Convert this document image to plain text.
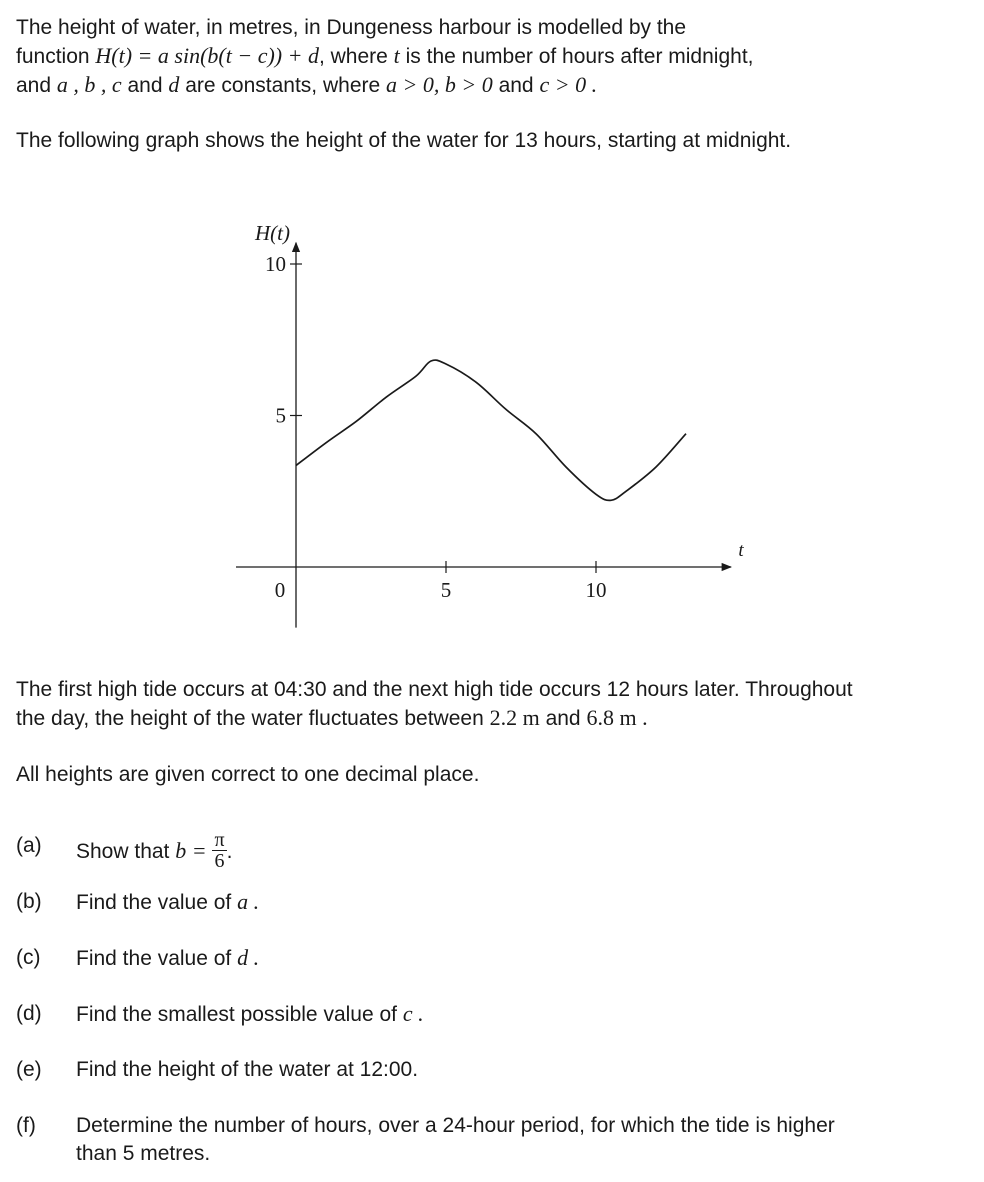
The height of water, in metres, in Dungeness harbour is modelled by the
function H(t) = a sin(b(t − c)) + d, where t is the number of hours after midnight,
and a , b , c and d are constants, where a > 0, b > 0 and c > 0 .
The following graph shows the height of the water for 13 hours, starting at midnight.
5	10
5
10
H(t)
t
0
The first high tide occurs at 04:30 and the next high tide occurs 12 hours later. Throughout
the day, the height of the water fluctuates between 2.2 m and 6.8 m .
All heights are given correct to one decimal place.
(a) Show that $b = \frac{\pi}{6}$ .
(b) Find the value of a .
(c) Find the value of d .
(d) Find the smallest possible value of c .
(e) Find the height of the water at 12:00.
(f) Determine the number of hours, over a 24-hour period, for which the tide is higher
than 5 metres.
